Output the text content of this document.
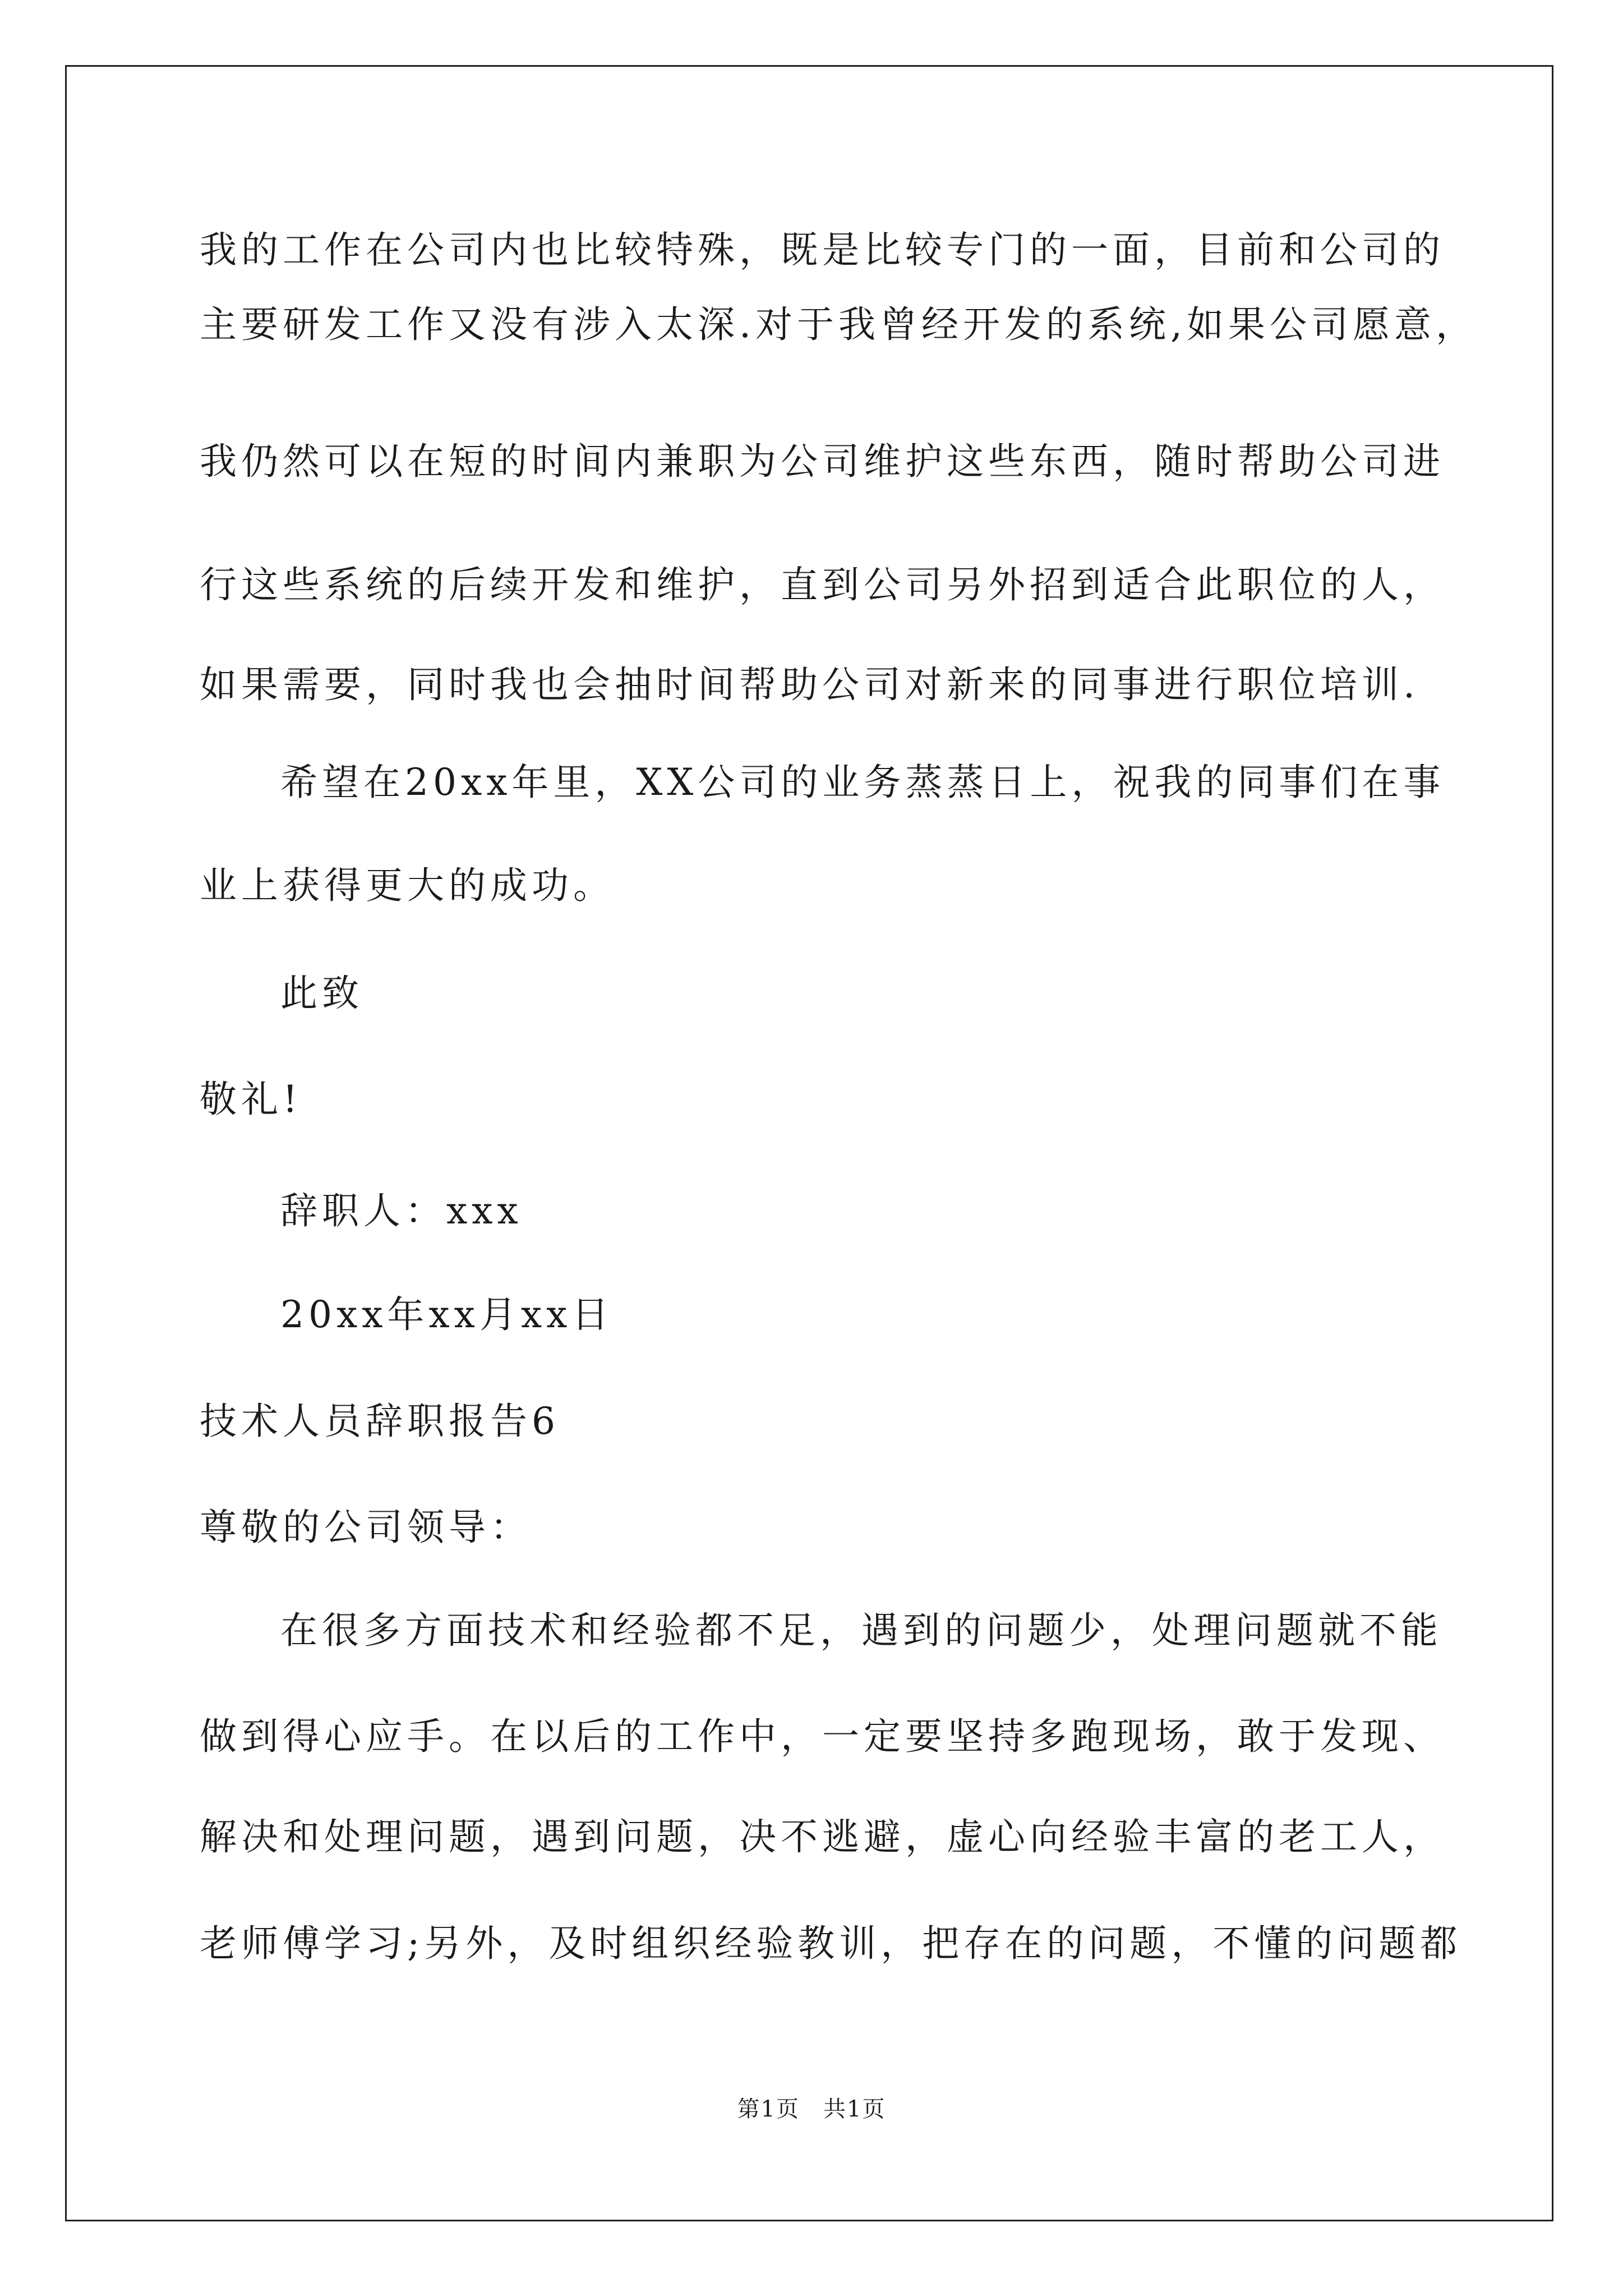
我的工作在公司内也比较特殊，既是比较专门的一面，目前和公司的
主要研发工作又没有涉入太深.对于我曾经开发的系统,如果公司愿意，
我仍然可以在短的时间内兼职为公司维护这些东西，随时帮助公司进
行这些系统的后续开发和维护，直到公司另外招到适合此职位的人，
如果需要，同时我也会抽时间帮助公司对新来的同事进行职位培训.
希望在20xx年里，XX公司的业务蒸蒸日上，祝我的同事们在事
业上获得更大的成功。
此致
敬礼!
辞职人：xxx
20xx年xx月xx日
技术人员辞职报告6
尊敬的公司领导：
在很多方面技术和经验都不足，遇到的问题少，处理问题就不能
做到得心应手。在以后的工作中，一定要坚持多跑现场，敢于发现、
解决和处理问题，遇到问题，决不逃避，虚心向经验丰富的老工人，
老师傅学习;另外，及时组织经验教训，把存在的问题，不懂的问题都
第1页　共1页
